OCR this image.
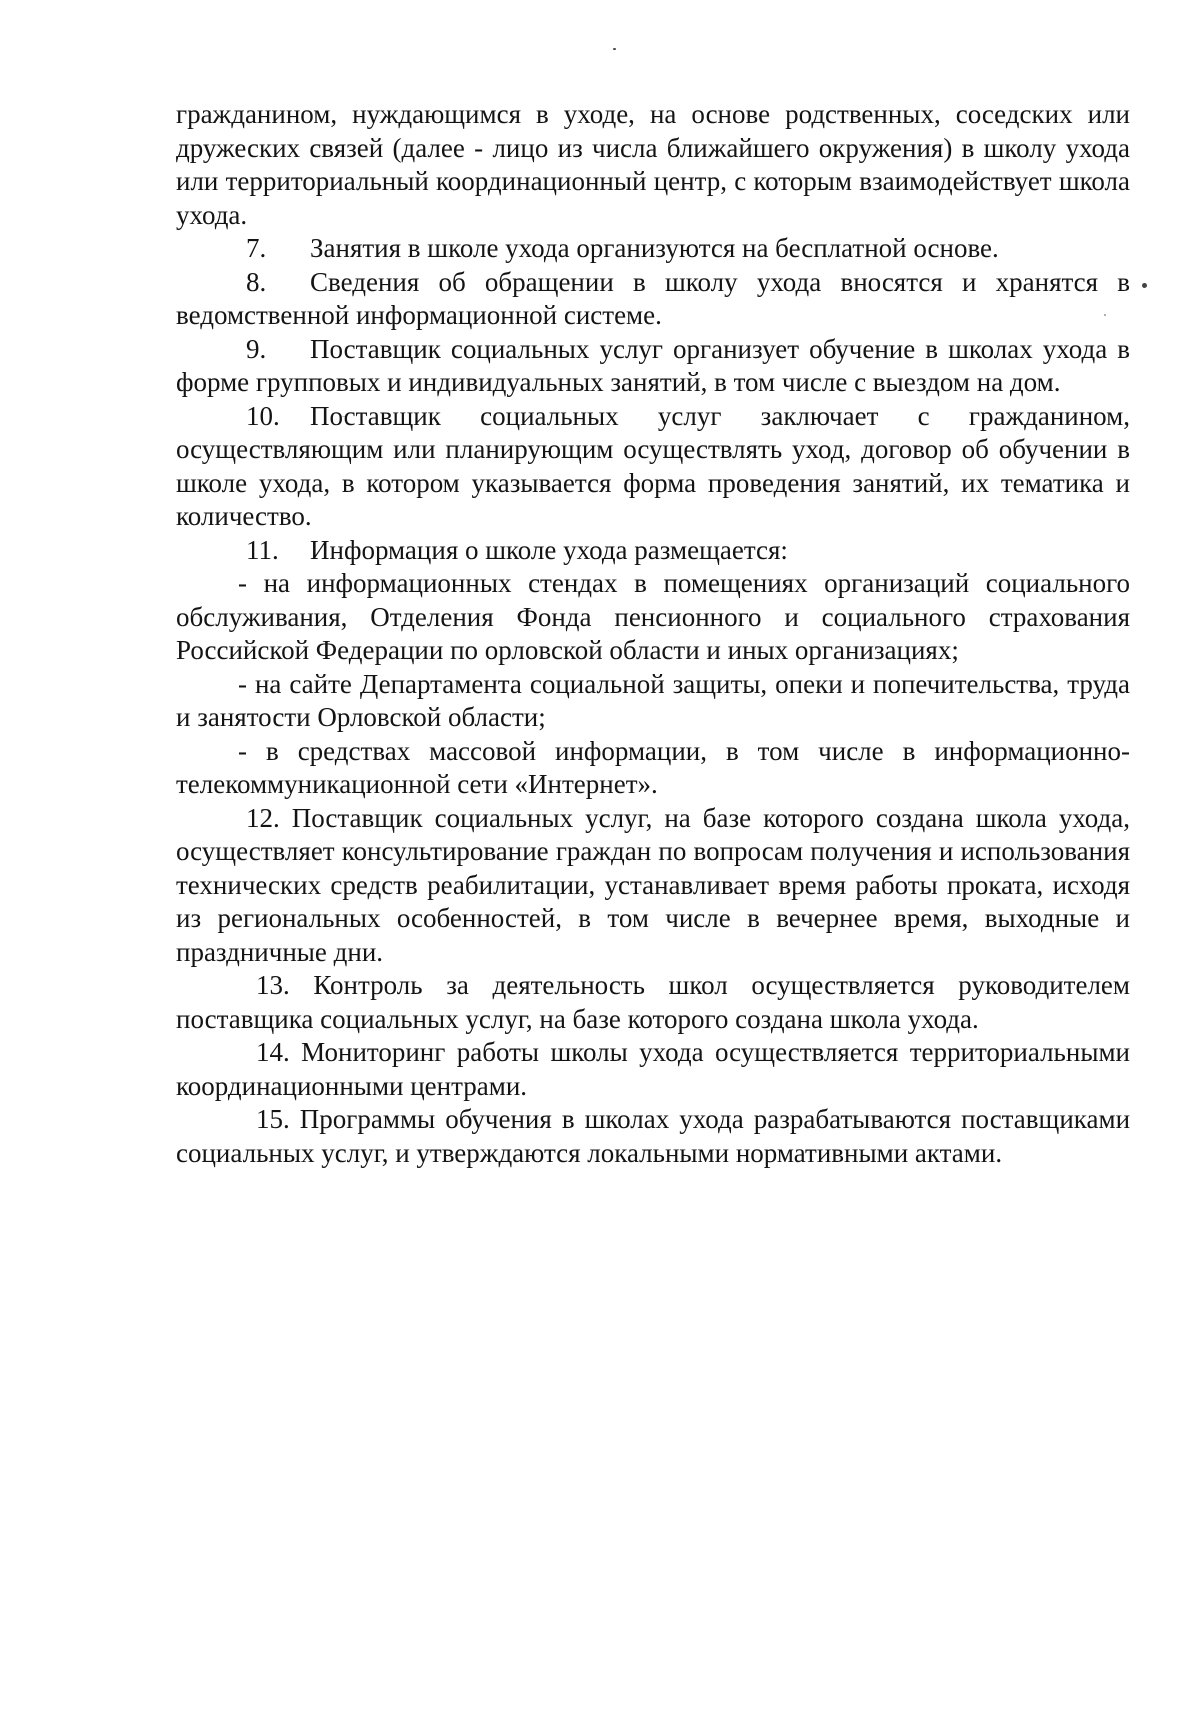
гражданином, нуждающимся в уходе, на основе родственных, соседских или дружеских связей (далее - лицо из числа ближайшего окружения) в школу ухода или территориальный координационный центр, с которым взаимодействует школа ухода.

7. Занятия в школе ухода организуются на бесплатной основе.

8. Сведения об обращении в школу ухода вносятся и хранятся в ведомственной информационной системе.

9. Поставщик социальных услуг организует обучение в школах ухода в форме групповых и индивидуальных занятий, в том числе с выездом на дом.

10. Поставщик социальных услуг заключает с гражданином, осуществляющим или планирующим осуществлять уход, договор об обучении в школе ухода, в котором указывается форма проведения занятий, их тематика и количество.

11. Информация о школе ухода размещается:

- на информационных стендах в помещениях организаций социального обслуживания, Отделения Фонда пенсионного и социального страхования Российской Федерации по орловской области и иных организациях;

- на сайте Департамента социальной защиты, опеки и попечительства, труда и занятости Орловской области;

- в средствах массовой информации, в том числе в информационно-телекоммуникационной сети «Интернет».

12. Поставщик социальных услуг, на базе которого создана школа ухода, осуществляет консультирование граждан по вопросам получения и использования технических средств реабилитации, устанавливает время работы проката, исходя из региональных особенностей, в том числе в вечернее время, выходные и праздничные дни.

13. Контроль за деятельность школ осуществляется руководителем поставщика социальных услуг, на базе которого создана школа ухода.

14. Мониторинг работы школы ухода осуществляется территориальными координационными центрами.

15. Программы обучения в школах ухода разрабатываются поставщиками социальных услуг, и утверждаются локальными нормативными актами.
